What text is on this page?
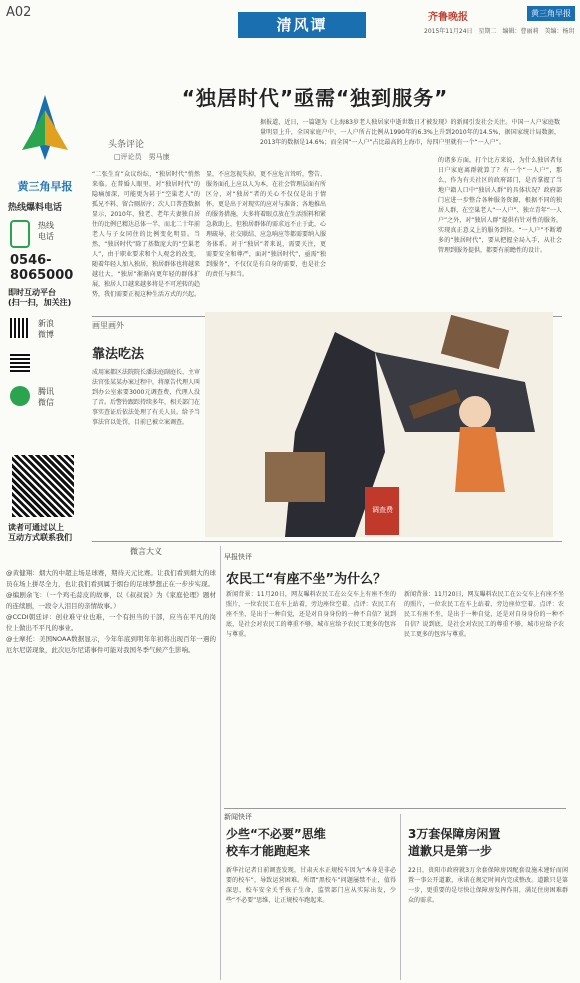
A02
清风谭	齐鲁晚报	黄三角早报
2015年11月24日　星期二　编辑：曹丽莉　美编：杨玥
黄三角早报
热线爆料电话
热线
电话
0546-
8065000
即时互动平台
(扫一扫，加关注)
新浪
微博
腾讯
微信
读者可通过以上
互动方式联系我们
“独居时代”亟需“独到服务”
头条评论
□评论员　男马康
“二张生育”众议纷纭，“独居时代”悄然来临。在普婚人眼里，对“独居时代”的隐痛加深，可能更为甚于“空巢老人”的孤兄不料、留合厕居序；次人口普查数据显示，2010年，独老、老年夫妻独自居住的比例已精达总体一半，而北二十年前老人与子女同住的比例变化明显。当然，“独居时代”除了基数庞大的“空巢老人”，由于职业要求和个人观念的改变，随着年轻人加入独居，独居群体也将越来越壮大，“独居”渐渐向更年轻的群体扩展，独居人口越来越多将是不可逆转的趋势，我们需要正视这种生活方式的兴起。
显，不应忽视失掉，更不应危言耸听，警告、服务面孔上应以人为本，在社会管理层面有所区分，对“独居”者的关心不仅仅是出于情怀，更是出于对现实的应对与准备；各地推出的服务措施，大多将着眼点放在生活照料和紧急救助上，但独居群体的需求远不止于此，心理疏导、社交联结、应急响应等都需要纳入服务体系。对于“独居”者来说，需要关注，更需要安全和尊严，面对“独居时代”，亟需“独到服务”，不仅仅是有自身的需要，也是社会的责任与担当。
据报道，近日，一篇题为《上海83岁老人独居家中逝世数日才被发现》的新闻引发社会关注。中国一人户家庭数量明显上升，全国家庭户中，一人户所占比例从1990年的6.3%上升到2010年的14.5%，据国家统计局数据，2013年的数据是14.6%；而全国“一人户”占比最高的上海市，每四户里就有一个“一人户”。
的诸多方面，打个比方来说，为什么独居者每日户家庭离群就算了？有一个“一人户”，那么，作为有关社区的政府部门，是否掌握了当地户籍人口中“独居人群”的具体状况？政府部门应进一步整合各种服务资源，根据不同的独居人群，在空巢老人“一人户”、独立青年“一人户”之外，对“独居人群”提供有针对性的服务，实现真正意义上的服务到位。“一人户”不断增多的“独居时代”，要从把握全局入手，从社会管理到服务提供，都要有前瞻性的设计。
画里画外
靠法吃法
成用案都区法院院长潘法庭副庭长、主审法官张某某办案过程中，将原告代理人叫到办公室索要3000元调查费，代理人没了音。后警铃跟踪持续多年，相关部门在事实查证后依法处理了有关人员。给予当事法官以处罚，目前已被立案调查。
调查费
微言大义
@黄健翔：烟大的中超主场足球赛，期待天元比赛。让我们看到烟大的球员在场上拼尽全力，也让我们看到属于烟台的足球梦想正在一步步实现。
@编剧余飞：（一个鸡毛蒜皮的故事，以《叔叔说》为《家庭伦理》题材的连续剧，一段令人泪目的亲情故事。）
@CCDI朝廷评：创业难守业也难，一个有担当的干部，应当在平凡的岗位上做出不平凡的事业。
@士摩托：美国NOAA数据显示，今年年底到明年年初将出现百年一遇的厄尔尼诺现象，此次厄尔尼诺事件可能对我国冬季气候产生影响。
早报快评
农民工“有座不坐”为什么？
新闻背景：11月20日，网友曝料农民工在公交车上有座不坐的照片，一位农民工在车上站着，旁边座位空着。点评：农民工有座不坐，是出于一种自觉，还是对自身身份的一种不自信？说到底，是社会对农民工的尊重不够，城市应给予农民工更多的包容与尊重。
新闻背景：11月20日，网友曝料农民工在公交车上有座不坐的照片，一位农民工在车上站着，旁边座位空着。点评：农民工有座不坐，是出于一种自觉，还是对自身身份的一种不自信？说到底，是社会对农民工的尊重不够，城市应给予农民工更多的包容与尊重。
新闻快评
少些“不必要”思维
校车才能跑起来
新华社记者日前调查发现，甘肃天水正规校车因为“本身是非必要的校车”，导致运营困难。所谓“黑校车”问题屡禁不止，值得深思，校车安全关乎孩子生命，监管部门应从实际出发，少些“不必要”思维，让正规校车跑起来。
3万套保障房闲置
道歉只是第一步
22日，贵阳市政府就3万余套保障房因配套设施未建好而闲置一事公开道歉，承诺在规定时间内完成整改。道歉只是第一步，更重要的是尽快让保障房发挥作用，满足住房困难群众的需求。
